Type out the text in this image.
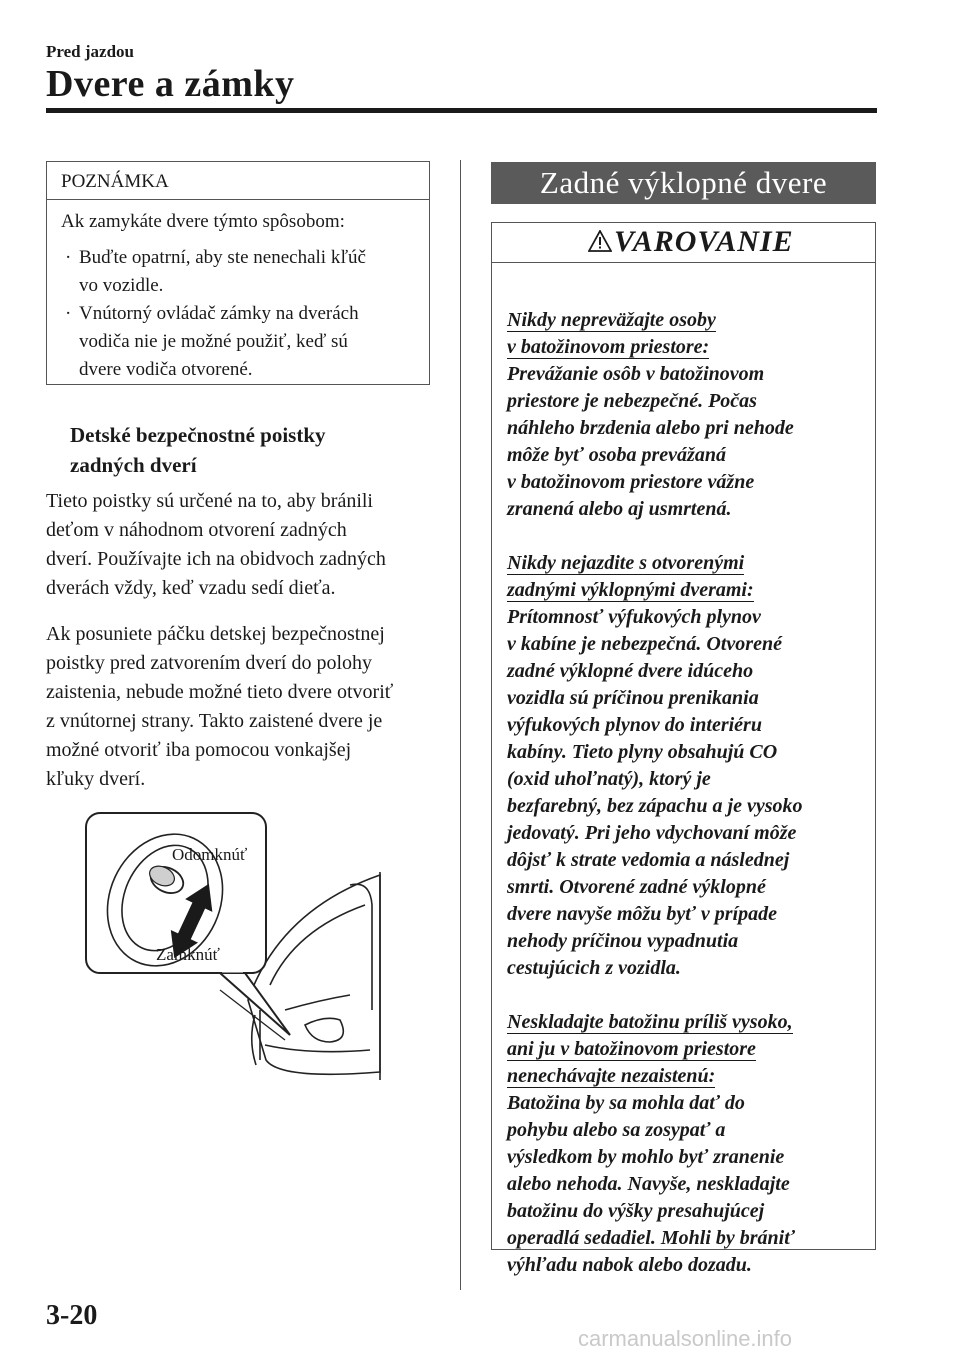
Pred jazdou
Dvere a zámky
POZNÁMKA
Ak zamykáte dvere týmto spôsobom:
· Buďte opatrní, aby ste nenechali kľúč
vo vozidle.
· Vnútorný ovládač zámky na dverách
vodiča nie je možné použiť, keď sú
dvere vodiča otvorené.
Detské bezpečnostné poistky
zadných dverí
Tieto poistky sú určené na to, aby bránili
deťom v náhodnom otvorení zadných
dverí. Používajte ich na obidvoch zadných
dverách vždy, keď vzadu sedí dieťa.
Ak posuniete páčku detskej bezpečnostnej
poistky pred zatvorením dverí do polohy
zaistenia, nebude možné tieto dvere otvoriť
z vnútornej strany. Takto zaistené dvere je
možné otvoriť iba pomocou vonkajšej
kľuky dverí.
Odomknúť
Zamknúť
Zadné výklopné dvere
VAROVANIE
Nikdy nepreväžajte osoby
v batožinovom priestore:
Prevážanie osôb v batožinovom
priestore je nebezpečné. Počas
náhleho brzdenia alebo pri nehode
môže byť osoba prevážaná
v batožinovom priestore vážne
zranená alebo aj usmrtená.
Nikdy nejazdite s otvorenými
zadnými výklopnými dverami:
Prítomnosť výfukových plynov
v kabíne je nebezpečná. Otvorené
zadné výklopné dvere idúceho
vozidla sú príčinou prenikania
výfukových plynov do interiéru
kabíny. Tieto plyny obsahujú CO
(oxid uhoľnatý), ktorý je
bezfarebný, bez zápachu a je vysoko
jedovatý. Pri jeho vdychovaní môže
dôjsť k strate vedomia a následnej
smrti. Otvorené zadné výklopné
dvere navyše môžu byť v prípade
nehody príčinou vypadnutia
cestujúcich z vozidla.
Neskladajte batožinu príliš vysoko,
ani ju v batožinovom priestore
nenechávajte nezaistenú:
Batožina by sa mohla dať do
pohybu alebo sa zosypať a
výsledkom by mohlo byť zranenie
alebo nehoda. Navyše, neskladajte
batožinu do výšky presahujúcej
operadlá sedadiel. Mohli by brániť
výhľadu nabok alebo dozadu.
3-20
carmanualsonline.info
